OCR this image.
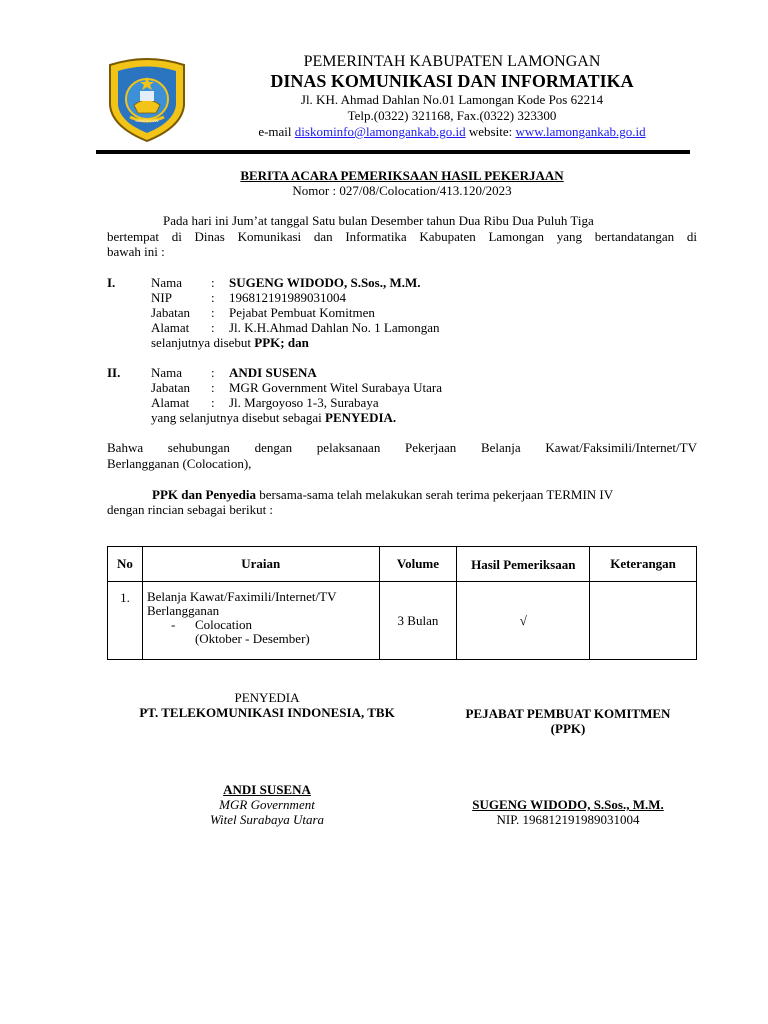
LAMONGAN
PEMERINTAH KABUPATEN LAMONGAN
DINAS KOMUNIKASI DAN INFORMATIKA
Jl. KH. Ahmad Dahlan No.01 Lamongan Kode Pos 62214
Telp.(0322) 321168, Fax.(0322) 323300
e-mail diskominfo@lamongankab.go.id website: www.lamongankab.go.id
BERITA ACARA PEMERIKSAAN HASIL PEKERJAAN
Nomor : 027/08/Colocation/413.120/2023
Pada hari ini Jum’at tanggal Satu bulan Desember tahun Dua Ribu Dua Puluh Tiga
bertempat di Dinas Komunikasi dan Informatika Kabupaten Lamongan yang bertandatangan di
bawah ini :
I.	Nama : SUGENG WIDODO, S.Sos., M.M.
NIP	: 196812191989031004
Jabatan : Pejabat Pembuat Komitmen
Alamat : Jl. K.H.Ahmad Dahlan No. 1 Lamongan
selanjutnya disebut PPK; dan
II. Nama : ANDI SUSENA
Jabatan : MGR Government Witel Surabaya Utara
Alamat : Jl. Margoyoso 1-3, Surabaya
yang selanjutnya disebut sebagai PENYEDIA.
Bahwa sehubungan dengan pelaksanaan Pekerjaan Belanja Kawat/Faksimili/Internet/TV
Berlangganan (Colocation),
PPK dan Penyedia bersama-sama telah melakukan serah terima pekerjaan TERMIN IV
dengan rincian sebagai berikut :
No	Uraian	Volume	Hasil Pemeriksaan	Keterangan
1.	Belanja Kawat/Faximili/Internet/TV
Berlangganan
- Colocation
(Oktober - Desember)	3 Bulan	√	
PENYEDIA
PT. TELEKOMUNIKASI INDONESIA, TBK
ANDI SUSENA
MGR Government
Witel Surabaya Utara
PEJABAT PEMBUAT KOMITMEN
(PPK)
SUGENG WIDODO, S.Sos., M.M.
NIP. 196812191989031004
